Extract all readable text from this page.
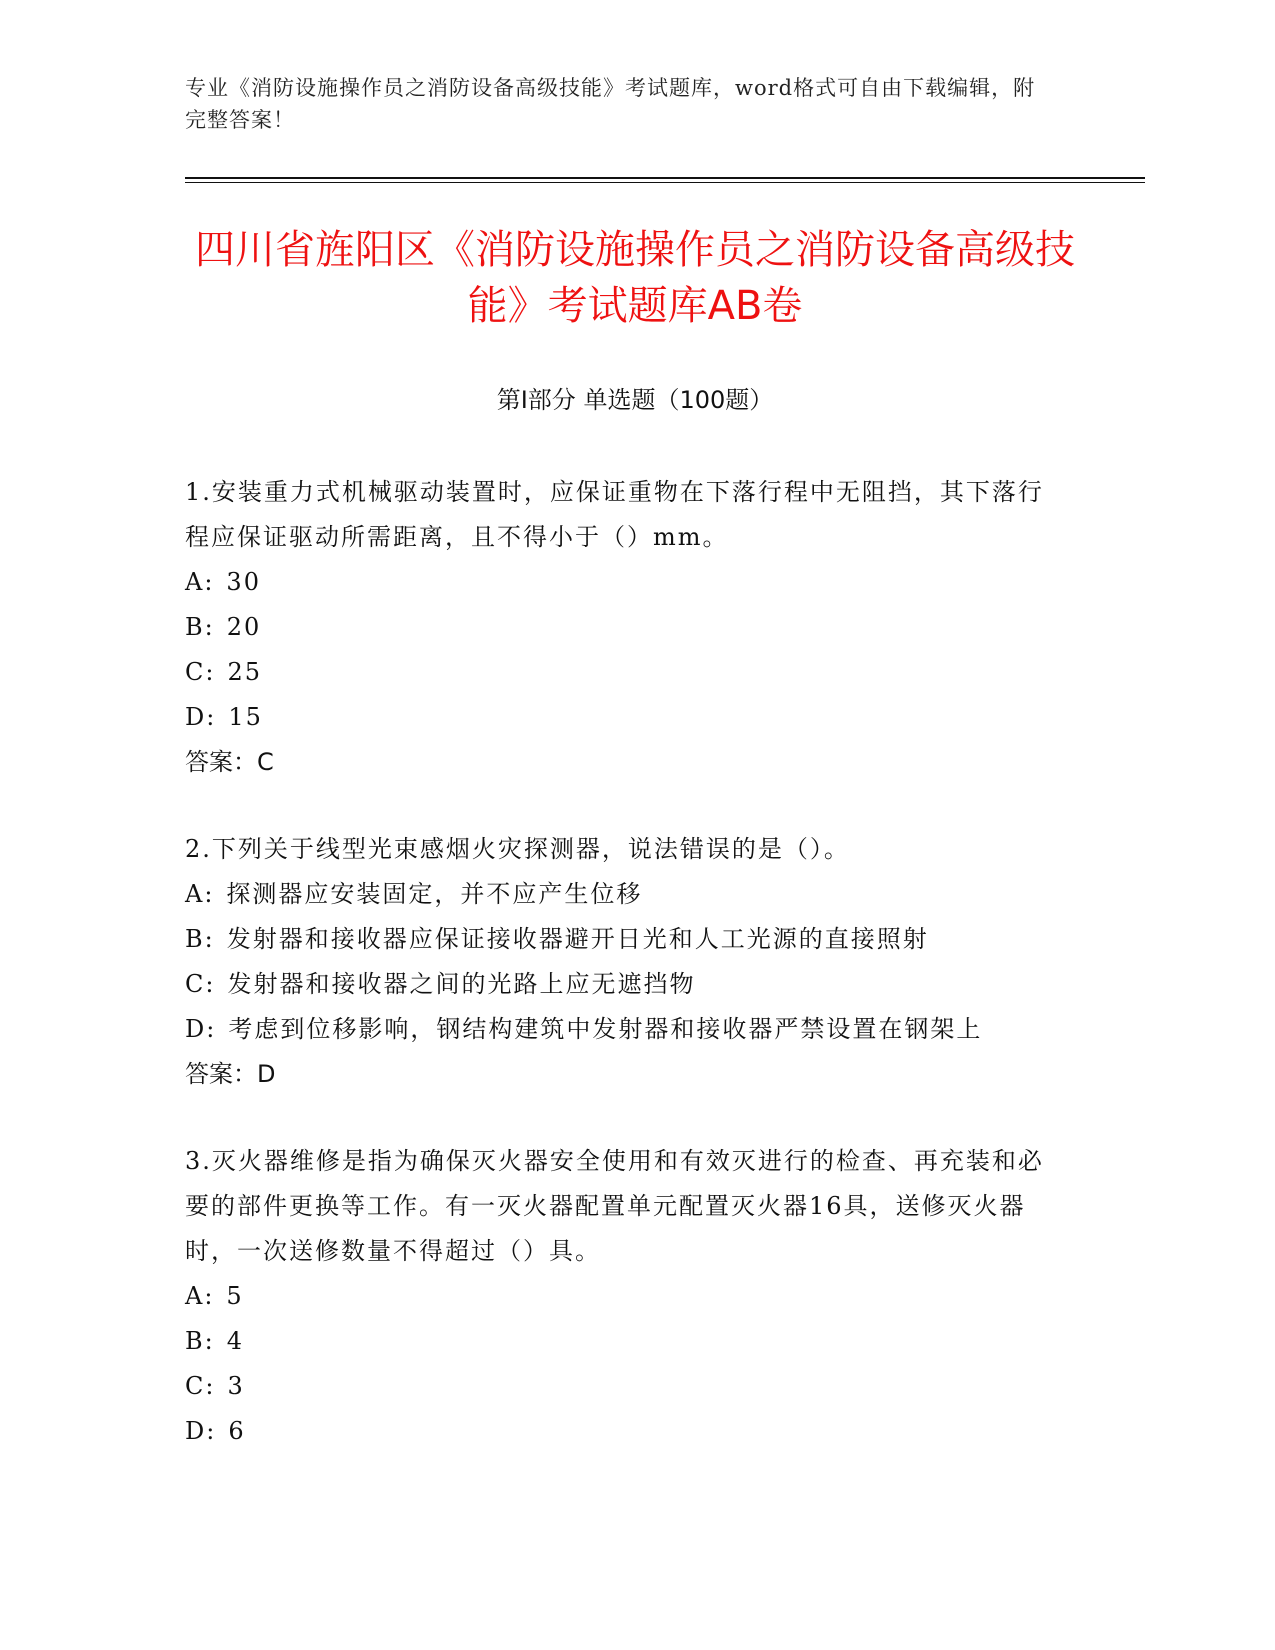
专业《消防设施操作员之消防设备高级技能》考试题库，word格式可自由下载编辑，附完整答案！
四川省旌阳区《消防设施操作员之消防设备高级技能》考试题库AB卷
第I部分 单选题（100题）
1.安装重力式机械驱动装置时，应保证重物在下落行程中无阻挡，其下落行程应保证驱动所需距离，且不得小于（）mm。
A: 30
B: 20
C: 25
D: 15
答案：C
2.下列关于线型光束感烟火灾探测器，说法错误的是（）。
A: 探测器应安装固定，并不应产生位移
B: 发射器和接收器应保证接收器避开日光和人工光源的直接照射
C: 发射器和接收器之间的光路上应无遮挡物
D: 考虑到位移影响，钢结构建筑中发射器和接收器严禁设置在钢架上
答案：D
3.灭火器维修是指为确保灭火器安全使用和有效灭进行的检查、再充装和必要的部件更换等工作。有一灭火器配置单元配置灭火器16具，送修灭火器时，一次送修数量不得超过（）具。
A: 5
B: 4
C: 3
D: 6
